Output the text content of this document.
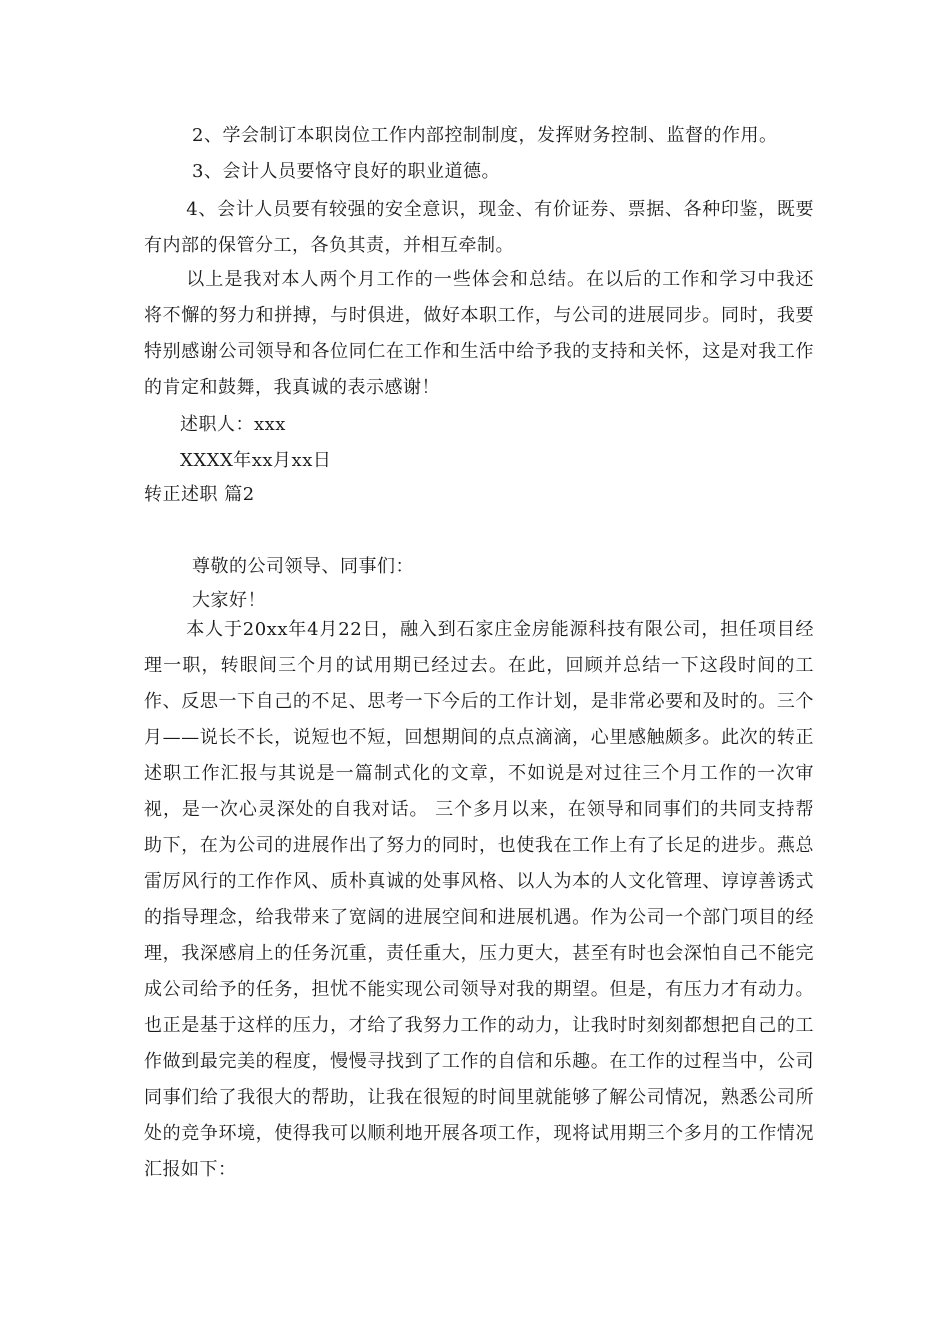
2、学会制订本职岗位工作内部控制制度，发挥财务控制、监督的作用。
3、会计人员要恪守良好的职业道德。
4、会计人员要有较强的安全意识，现金、有价证券、票据、各种印鉴，既要有内部的保管分工，各负其责，并相互牵制。
以上是我对本人两个月工作的一些体会和总结。在以后的工作和学习中我还将不懈的努力和拼搏，与时俱进，做好本职工作，与公司的进展同步。同时，我要特别感谢公司领导和各位同仁在工作和生活中给予我的支持和关怀，这是对我工作的肯定和鼓舞，我真诚的表示感谢！
述职人：xxx
XXXX年xx月xx日
转正述职 篇2
尊敬的公司领导、同事们：
大家好！
本人于20xx年4月22日，融入到石家庄金房能源科技有限公司，担任项目经理一职，转眼间三个月的试用期已经过去。在此，回顾并总结一下这段时间的工作、反思一下自己的不足、思考一下今后的工作计划，是非常必要和及时的。三个月——说长不长，说短也不短，回想期间的点点滴滴，心里感触颇多。此次的转正述职工作汇报与其说是一篇制式化的文章，不如说是对过往三个月工作的一次审视，是一次心灵深处的自我对话。 三个多月以来，在领导和同事们的共同支持帮助下，在为公司的进展作出了努力的同时，也使我在工作上有了长足的进步。燕总雷厉风行的工作作风、质朴真诚的处事风格、以人为本的人文化管理、谆谆善诱式的指导理念，给我带来了宽阔的进展空间和进展机遇。作为公司一个部门项目的经理，我深感肩上的任务沉重，责任重大，压力更大，甚至有时也会深怕自己不能完成公司给予的任务，担忧不能实现公司领导对我的期望。但是，有压力才有动力。也正是基于这样的压力，才给了我努力工作的动力，让我时时刻刻都想把自己的工作做到最完美的程度，慢慢寻找到了工作的自信和乐趣。在工作的过程当中，公司同事们给了我很大的帮助，让我在很短的时间里就能够了解公司情况，熟悉公司所处的竞争环境，使得我可以顺利地开展各项工作，现将试用期三个多月的工作情况汇报如下：
